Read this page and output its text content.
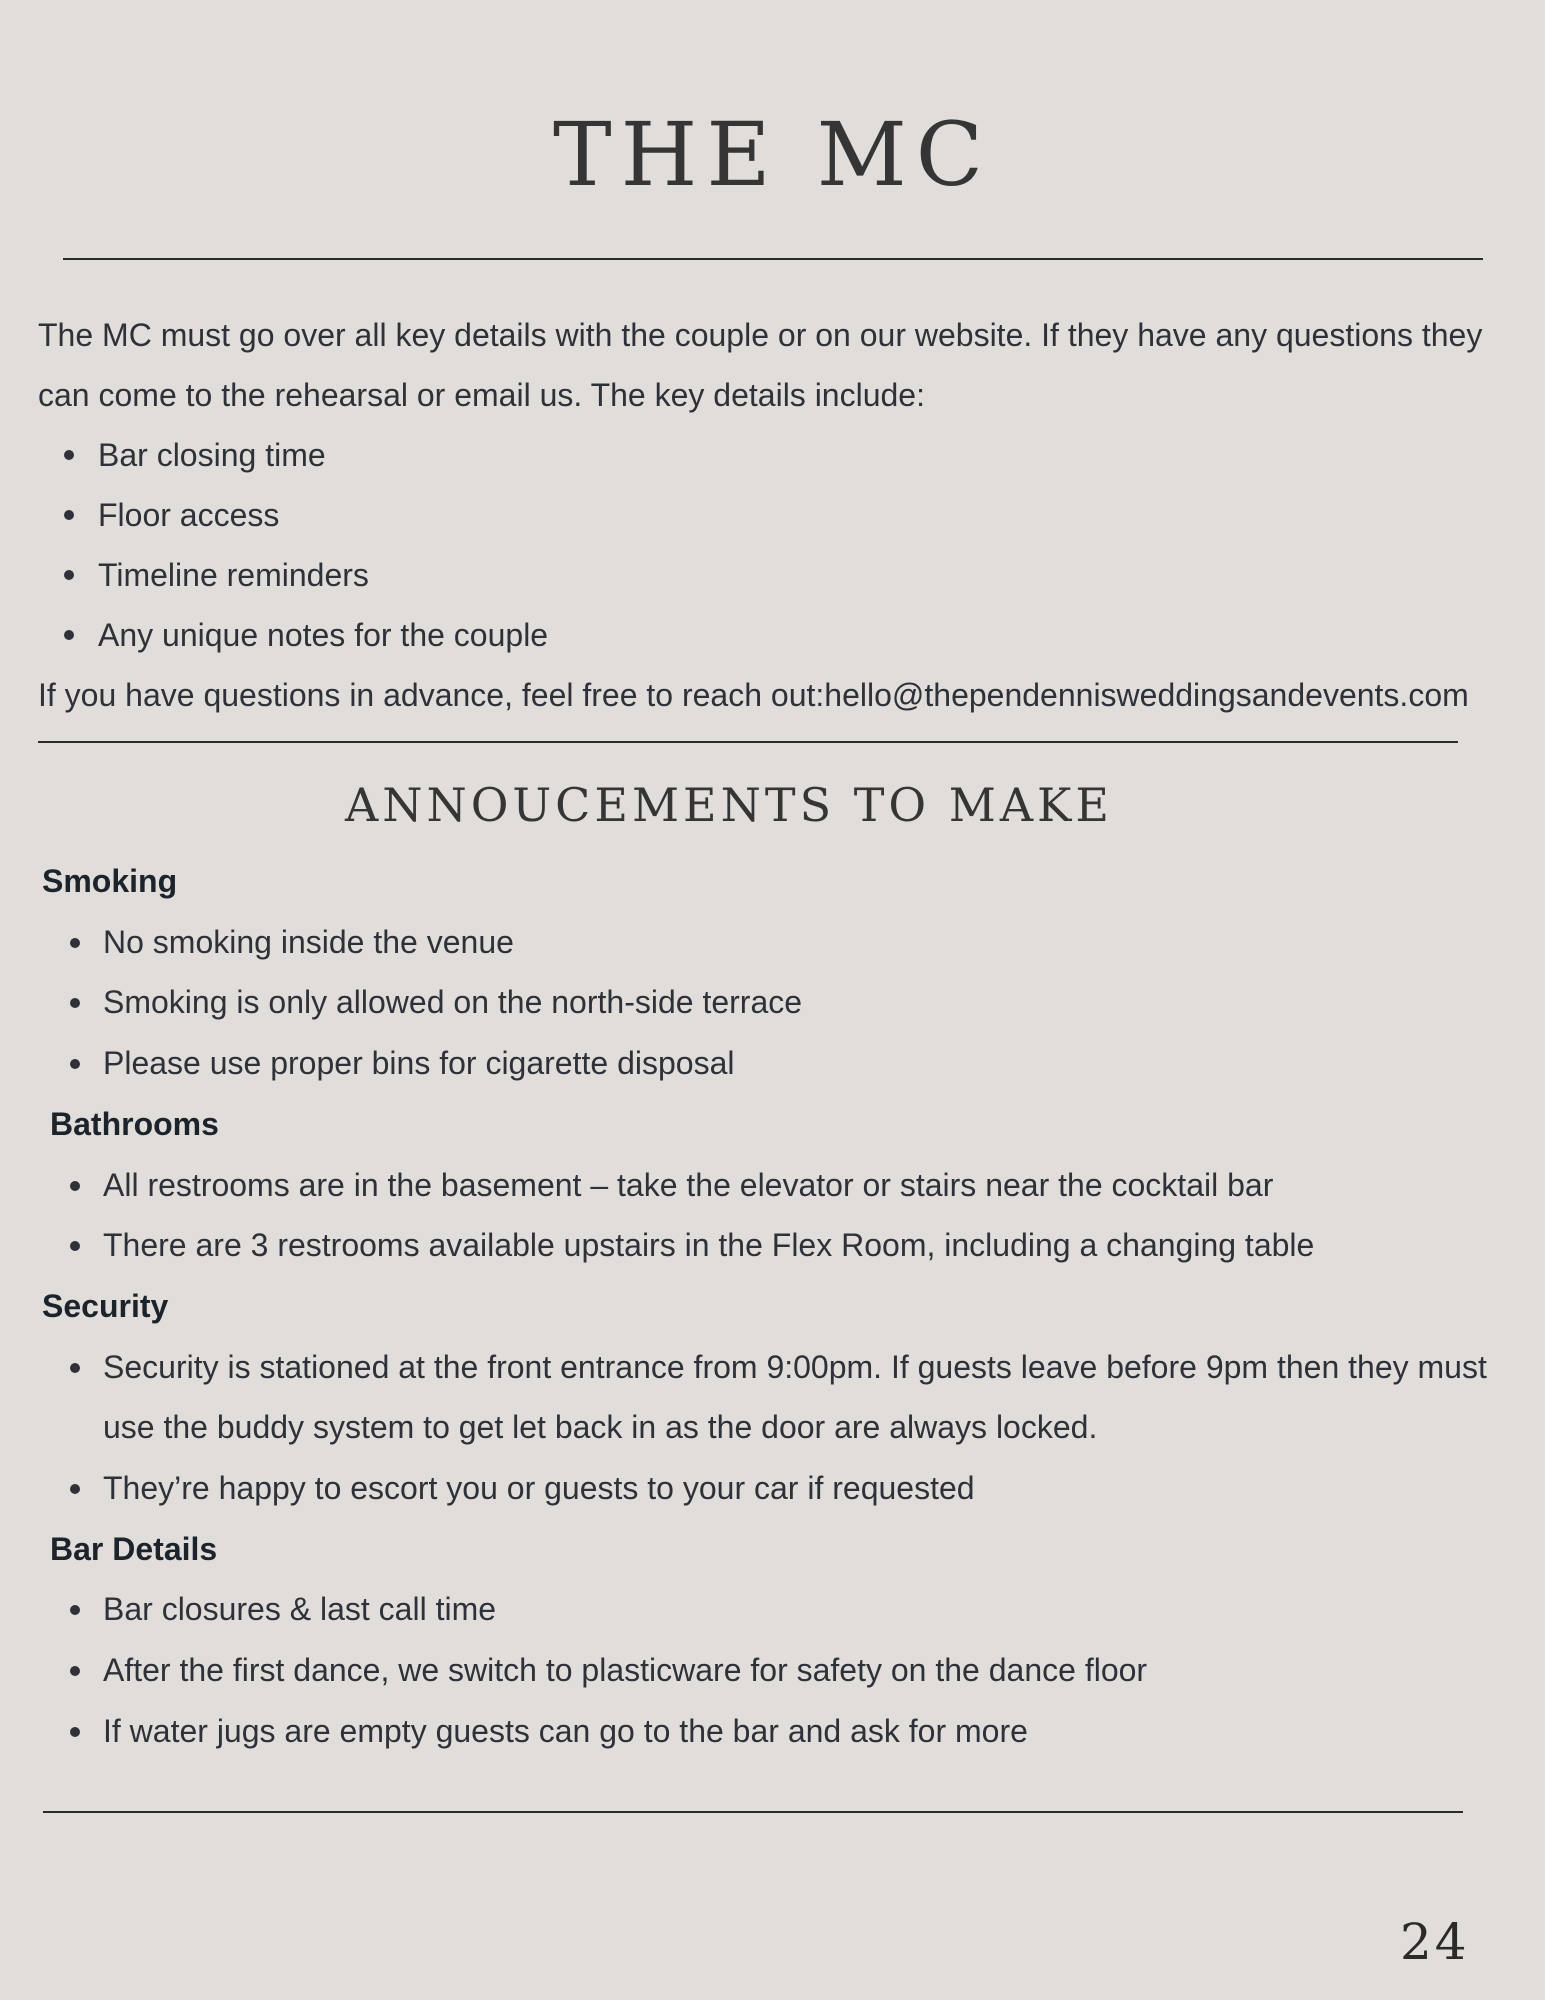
THE MC

The MC must go over all key details with the couple or on our website. If they have any questions they can come to the rehearsal or email us. The key details include:

Bar closing time
Floor access
Timeline reminders
Any unique notes for the couple

If you have questions in advance, feel free to reach out:hello@thependennisweddingsandevents.com

ANNOUCEMENTS TO MAKE

Smoking

No smoking inside the venue
Smoking is only allowed on the north-side terrace
Please use proper bins for cigarette disposal

Bathrooms

All restrooms are in the basement – take the elevator or stairs near the cocktail bar
There are 3 restrooms available upstairs in the Flex Room, including a changing table

Security

Security is stationed at the front entrance from 9:00pm. If guests leave before 9pm then they must use the buddy system to get let back in as the door are always locked.
They’re happy to escort you or guests to your car if requested

Bar Details

Bar closures & last call time
After the first dance, we switch to plasticware for safety on the dance floor
If water jugs are empty guests can go to the bar and ask for more
24
